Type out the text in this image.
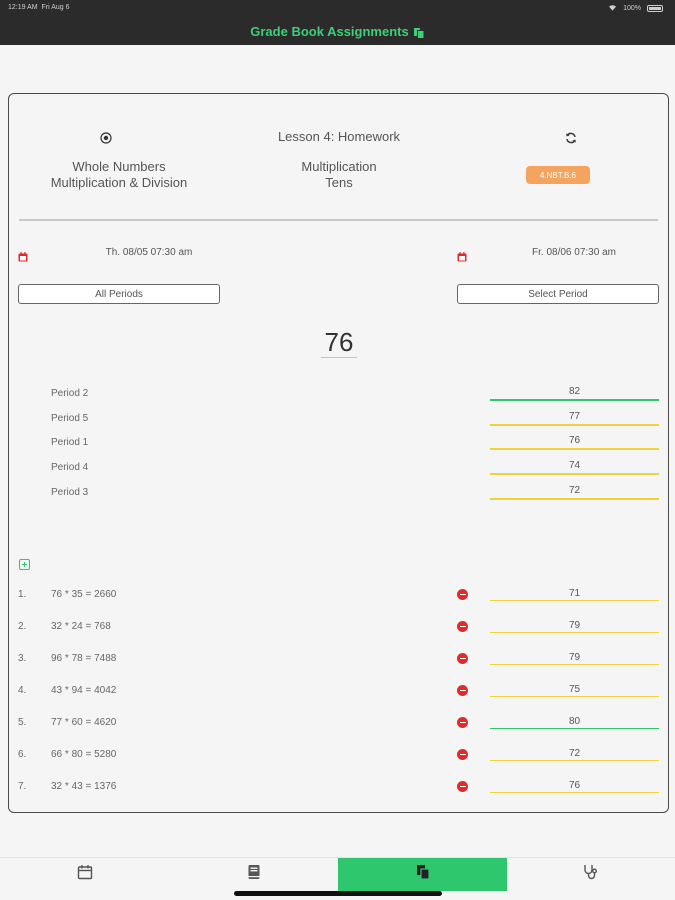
12:19 AM Fri Aug 6	100%
Grade Book Assignments
Lesson 4: Homework
Whole Numbers
Multiplication & Division
Multiplication
Tens	4.NBT.B.6
Th. 08/05 07:30 am	Fr. 08/06 07:30 am
All Periods	Select Period
76
Period 2	82
Period 5	77
Period 1	76
Period 4	74
Period 3	72
1. 76 * 35 = 2660	71
2. 32 * 24 = 768	79
3. 96 * 78 = 7488	79
4. 43 * 94 = 4042	75
5. 77 * 60 = 4620	80
6. 66 * 80 = 5280	72
7. 32 * 43 = 1376	76
